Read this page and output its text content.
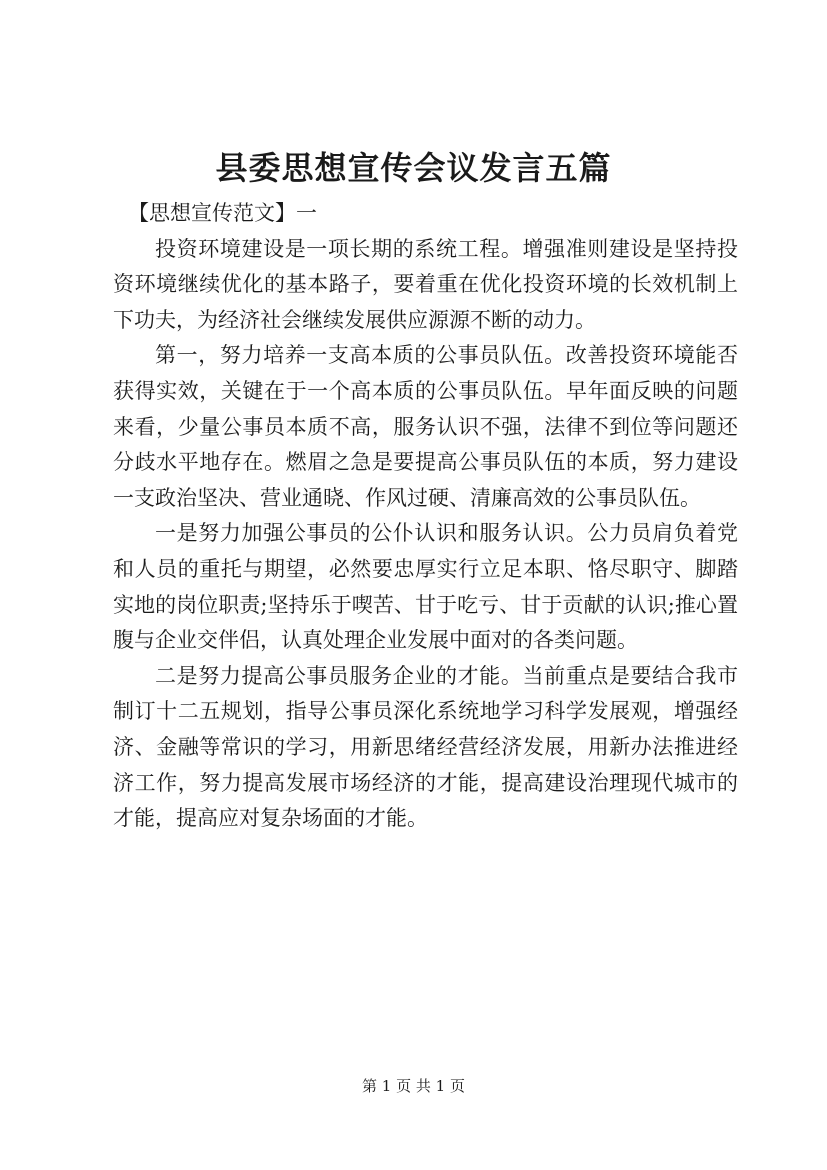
县委思想宣传会议发言五篇

【思想宣传范文】一

投资环境建设是一项长期的系统工程。增强准则建设是坚持投资环境继续优化的基本路子，要着重在优化投资环境的长效机制上下功夫，为经济社会继续发展供应源源不断的动力。

第一，努力培养一支高本质的公事员队伍。改善投资环境能否获得实效，关键在于一个高本质的公事员队伍。早年面反映的问题来看，少量公事员本质不高，服务认识不强，法律不到位等问题还分歧水平地存在。燃眉之急是要提高公事员队伍的本质，努力建设一支政治坚决、营业通晓、作风过硬、清廉高效的公事员队伍。

一是努力加强公事员的公仆认识和服务认识。公力员肩负着党和人员的重托与期望，必然要忠厚实行立足本职、恪尽职守、脚踏实地的岗位职责;坚持乐于喫苦、甘于吃亏、甘于贡献的认识;推心置腹与企业交伴侣，认真处理企业发展中面对的各类问题。

二是努力提高公事员服务企业的才能。当前重点是要结合我市制订十二五规划，指导公事员深化系统地学习科学发展观，增强经济、金融等常识的学习，用新思绪经营经济发展，用新办法推进经济工作，努力提高发展市场经济的才能，提高建设治理现代城市的才能，提高应对复杂场面的才能。

第 1 页 共 1 页
